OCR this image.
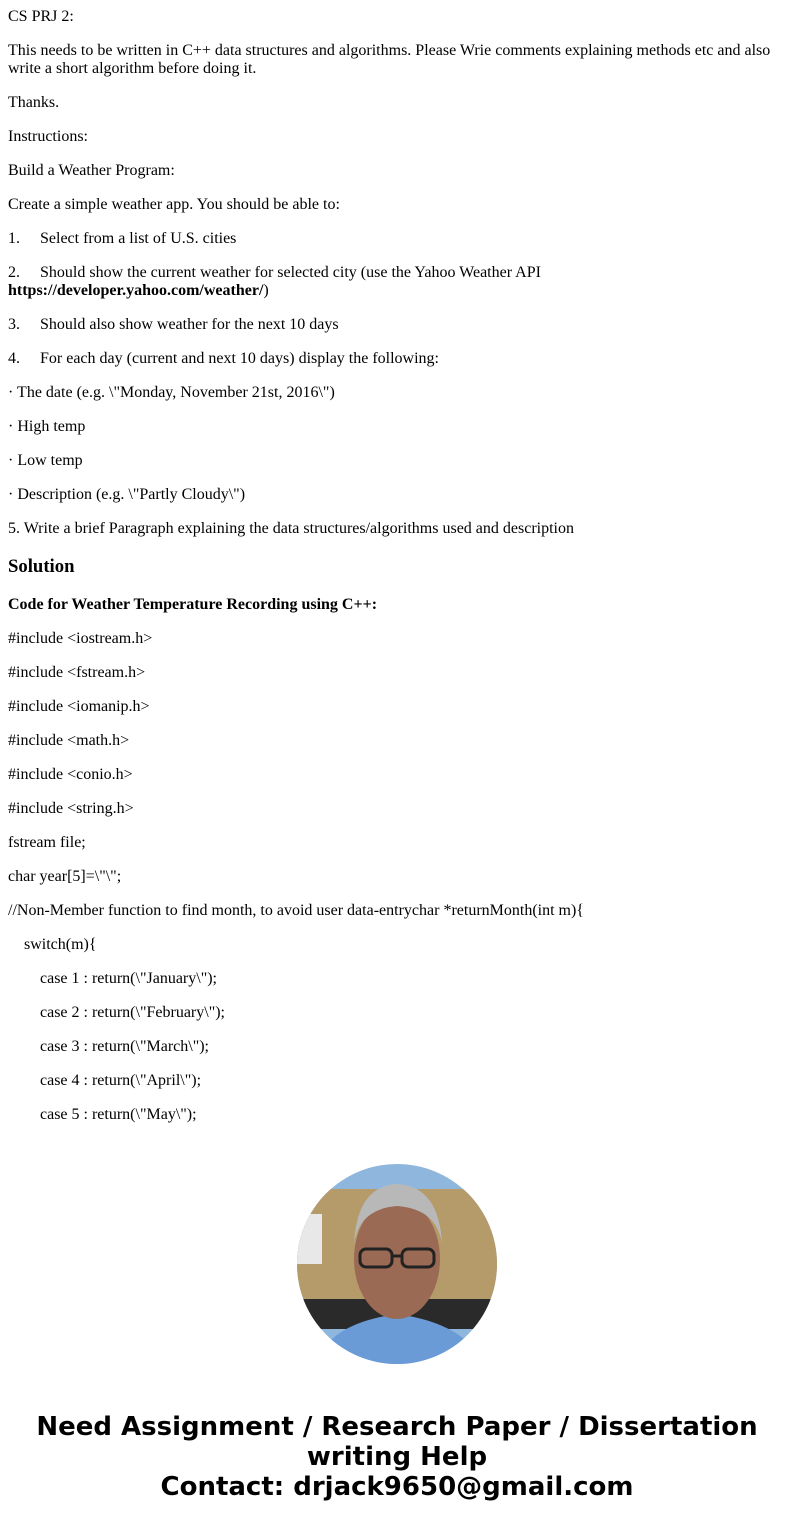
CS PRJ 2:

This needs to be written in C++ data structures and algorithms. Please Wrie comments explaining methods etc and also write a short algorithm before doing it.

Thanks.

Instructions:

Build a Weather Program:

Create a simple weather app. You should be able to:

1. Select from a list of U.S. cities

2. Should show the current weather for selected city (use the Yahoo Weather API
https://developer.yahoo.com/weather/)

3. Should also show weather for the next 10 days

4. For each day (current and next 10 days) display the following:

· The date (e.g. \"Monday, November 21st, 2016\")

· High temp

· Low temp

· Description (e.g. \"Partly Cloudy\")

5. Write a brief Paragraph explaining the data structures/algorithms used and description

Solution

Code for Weather Temperature Recording using C++:

#include <iostream.h>

#include <fstream.h>

#include <iomanip.h>

#include <math.h>

#include <conio.h>

#include <string.h>

fstream file;

char year[5]=\"\";

//Non-Member function to find month, to avoid user data-entrychar *returnMonth(int m){

switch(m){

case 1 : return(\"January\");

case 2 : return(\"February\");

case 3 : return(\"March\");

case 4 : return(\"April\");

case 5 : return(\"May\");

Need Assignment / Research Paper / Dissertation writing Help
Contact: drjack9650@gmail.com
